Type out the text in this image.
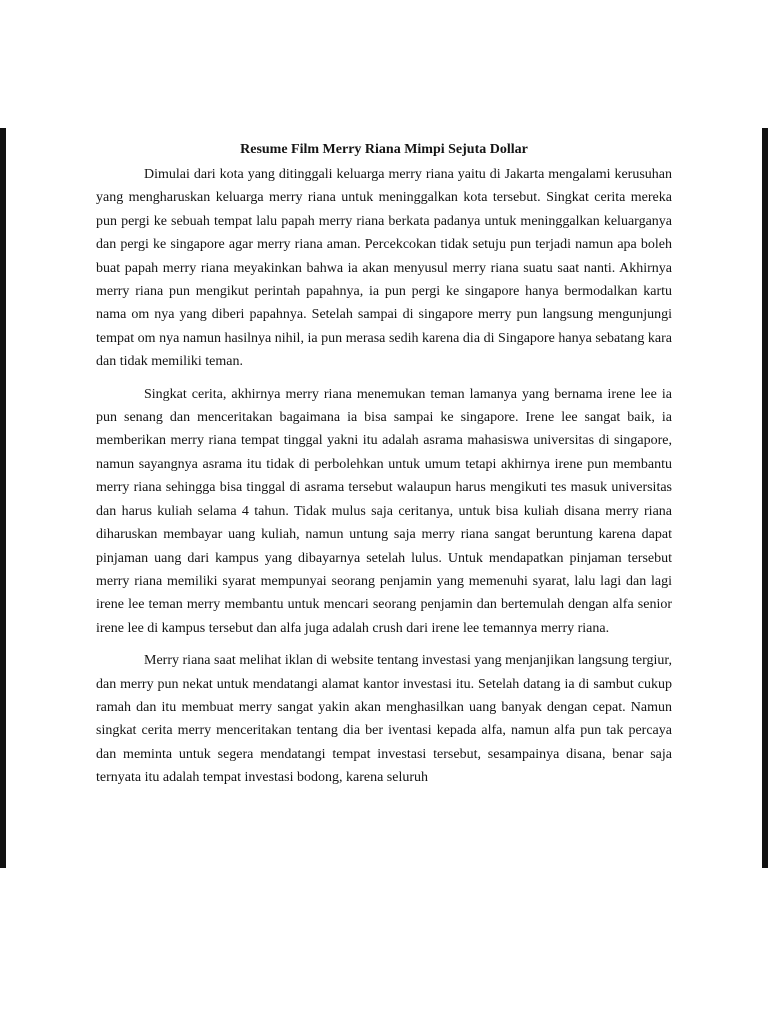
Resume Film Merry Riana Mimpi Sejuta Dollar

Dimulai dari kota yang ditinggali keluarga merry riana yaitu di Jakarta mengalami kerusuhan yang mengharuskan keluarga merry riana untuk meninggalkan kota tersebut. Singkat cerita mereka pun pergi ke sebuah tempat lalu papah merry riana berkata padanya untuk meninggalkan keluarganya dan pergi ke singapore agar merry riana aman. Percekcokan tidak setuju pun terjadi namun apa boleh buat papah merry riana meyakinkan bahwa ia akan menyusul merry riana suatu saat nanti. Akhirnya merry riana pun mengikut perintah papahnya, ia pun pergi ke singapore hanya bermodalkan kartu nama om nya yang diberi papahnya. Setelah sampai di singapore merry pun langsung mengunjungi tempat om nya namun hasilnya nihil, ia pun merasa sedih karena dia di Singapore hanya sebatang kara dan tidak memiliki teman.

Singkat cerita, akhirnya merry riana menemukan teman lamanya yang bernama irene lee ia pun senang dan menceritakan bagaimana ia bisa sampai ke singapore. Irene lee sangat baik, ia memberikan merry riana tempat tinggal yakni itu adalah asrama mahasiswa universitas di singapore, namun sayangnya asrama itu tidak di perbolehkan untuk umum tetapi akhirnya irene pun membantu merry riana sehingga bisa tinggal di asrama tersebut walaupun harus mengikuti tes masuk universitas dan harus kuliah selama 4 tahun. Tidak mulus saja ceritanya, untuk bisa kuliah disana merry riana diharuskan membayar uang kuliah, namun untung saja merry riana sangat beruntung karena dapat pinjaman uang dari kampus yang dibayarnya setelah lulus. Untuk mendapatkan pinjaman tersebut merry riana memiliki syarat mempunyai seorang penjamin yang memenuhi syarat, lalu lagi dan lagi irene lee teman merry membantu untuk mencari seorang penjamin dan bertemulah dengan alfa senior irene lee di kampus tersebut dan alfa juga adalah crush dari irene lee temannya merry riana.

Merry riana saat melihat iklan di website tentang investasi yang menjanjikan langsung tergiur, dan merry pun nekat untuk mendatangi alamat kantor investasi itu. Setelah datang ia di sambut cukup ramah dan itu membuat merry sangat yakin akan menghasilkan uang banyak dengan cepat. Namun singkat cerita merry menceritakan tentang dia ber iventasi kepada alfa, namun alfa pun tak percaya dan meminta untuk segera mendatangi tempat investasi tersebut, sesampainya disana, benar saja ternyata itu adalah tempat investasi bodong, karena seluruh
